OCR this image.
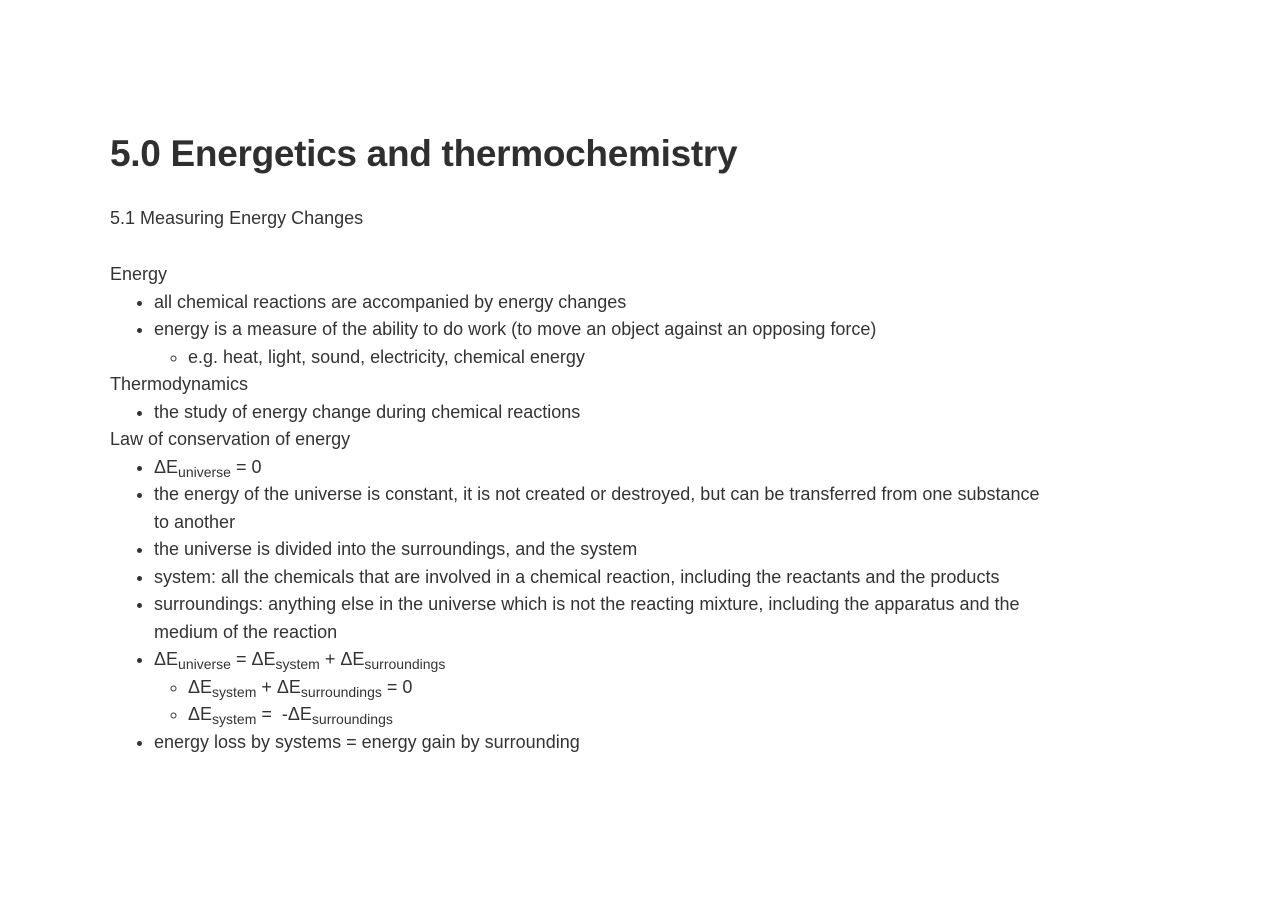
5.0 Energetics and thermochemistry
5.1 Measuring Energy Changes

Energy

• all chemical reactions are accompanied by energy changes
• energy is a measure of the ability to do work (to move an object against an opposing force)
◦ e.g. heat, light, sound, electricity, chemical energy

Thermodynamics

• the study of energy change during chemical reactions

Law of conservation of energy

• $\Delta E_{universe} = 0$
• the energy of the universe is constant, it is not created or destroyed, but can be transferred from one substance to another
• the universe is divided into the surroundings, and the system
• system: all the chemicals that are involved in a chemical reaction, including the reactants and the products
• surroundings: anything else in the universe which is not the reacting mixture, including the apparatus and the medium of the reaction
• $\Delta E_{universe} = \Delta E_{system} + \Delta E_{surroundings}$
◦ $\Delta E_{system} + \Delta E_{surroundings} = 0$
◦ $\Delta E_{system} = -\Delta E_{surroundings}$
• energy loss by systems = energy gain by surrounding
